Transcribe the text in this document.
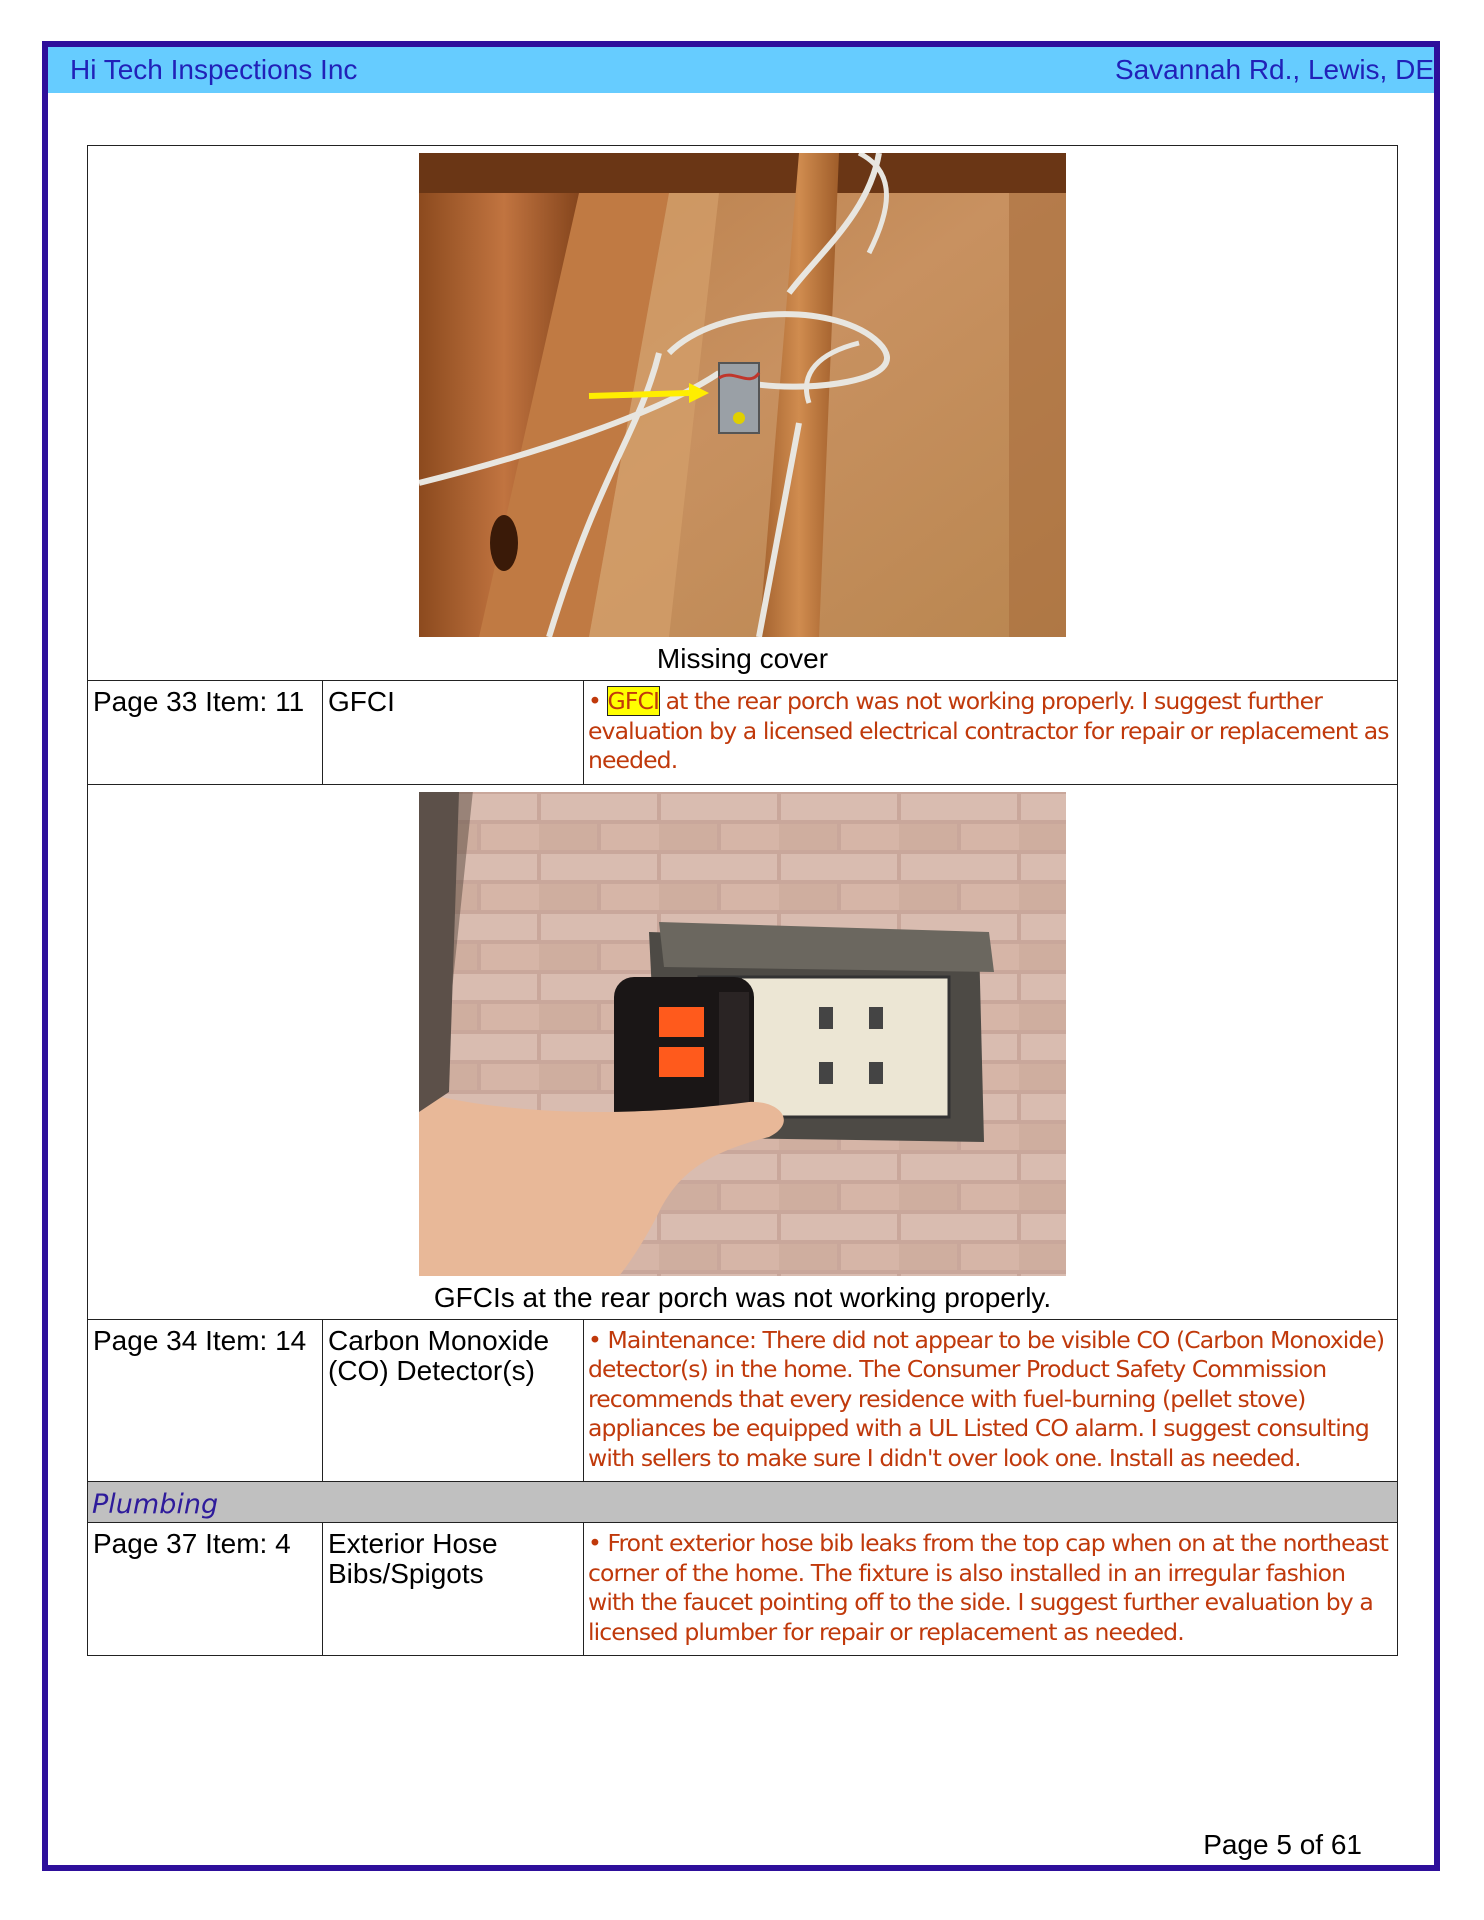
Hi Tech Inspections Inc	Savannah Rd., Lewis, DE
Missing cover		

Page 33 Item: 11	GFCI	• GFCI at the rear porch was not working properly. I suggest further evaluation by a licensed electrical contractor for repair or replacement as needed.

GFCIs at the rear porch was not working properly.		

Page 34 Item: 14	Carbon Monoxide (CO) Detector(s)	• Maintenance: There did not appear to be visible CO (Carbon Monoxide) detector(s) in the home. The Consumer Product Safety Commission recommends that every residence with fuel-burning (pellet stove) appliances be equipped with a UL Listed CO alarm. I suggest consulting with sellers to make sure I didn't over look one. Install as needed.
Plumbing		
Page 37 Item: 4	Exterior Hose Bibs/Spigots	• Front exterior hose bib leaks from the top cap when on at the northeast corner of the home. The fixture is also installed in an irregular fashion with the faucet pointing off to the side. I suggest further evaluation by a licensed plumber for repair or replacement as needed.
Page 5 of 61
